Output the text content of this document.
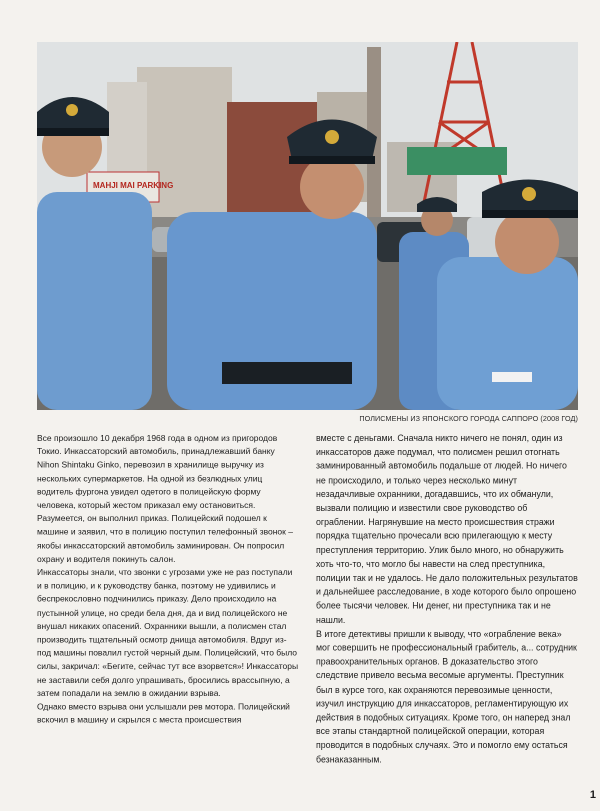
MAHJI MAI PARKING
ПОЛИСМЕНЫ ИЗ ЯПОНСКОГО ГОРОДА САППОРО (2008 ГОД)

Все произошло 10 декабря 1968 года в одном из пригородов Токио. Инкассаторский автомобиль, принадлежавший банку Nihon Shintaku Ginko, перевозил в хранилище выручку из нескольких супермаркетов. На одной из безлюдных улиц водитель фургона увидел одетого в полицейскую форму человека, который жестом приказал ему остановиться. Разумеется, он выполнил приказ. Полицейский подошел к машине и заявил, что в полицию поступил телефонный звонок – якобы инкассаторский автомобиль заминирован. Он попросил охрану и водителя покинуть салон.

Инкассаторы знали, что звонки с угрозами уже не раз поступали и в полицию, и к руководству банка, поэтому не удивились и беспрекословно подчинились приказу. Дело происходило на пустынной улице, но среди бела дня, да и вид полицейского не внушал никаких опасений. Охранники вышли, а полисмен стал производить тщательный осмотр днища автомобиля. Вдруг из-под машины повалил густой черный дым. Полицейский, что было силы, закричал: «Бегите, сейчас тут все взорвется»! Инкассаторы не заставили себя долго упрашивать, бросились врассыпную, а затем попадали на землю в ожидании взрыва.

Однако вместо взрыва они услышали рев мотора. Полицейский вскочил в машину и скрылся с места происшествия

вместе с деньгами. Сначала никто ничего не понял, один из инкассаторов даже подумал, что полисмен решил отогнать заминированный автомобиль подальше от людей. Но ничего не происходило, и только через несколько минут незадачливые охранники, догадавшись, что их обманули, вызвали полицию и известили свое руководство об ограблении. Нагрянувшие на место происшествия стражи порядка тщательно прочесали всю прилегающую к месту преступления территорию. Улик было много, но обнаружить хоть что-то, что могло бы навести на след преступника, полиции так и не удалось. Не дало положительных результатов и дальнейшее расследование, в ходе которого было опрошено более тысячи человек. Ни денег, ни преступника так и не нашли.

В итоге детективы пришли к выводу, что «ограбление века» мог совершить не профессиональный грабитель, а... сотрудник правоохранительных органов. В доказательство этого следствие привело весьма весомые аргументы. Преступник был в курсе того, как охраняются перевозимые ценности, изучил инструкцию для инкассаторов, регламентирующую их действия в подобных ситуациях. Кроме того, он наперед знал все этапы стандартной полицейской операции, которая проводится в подобных случаях. Это и помогло ему остаться безнаказанным.

1
